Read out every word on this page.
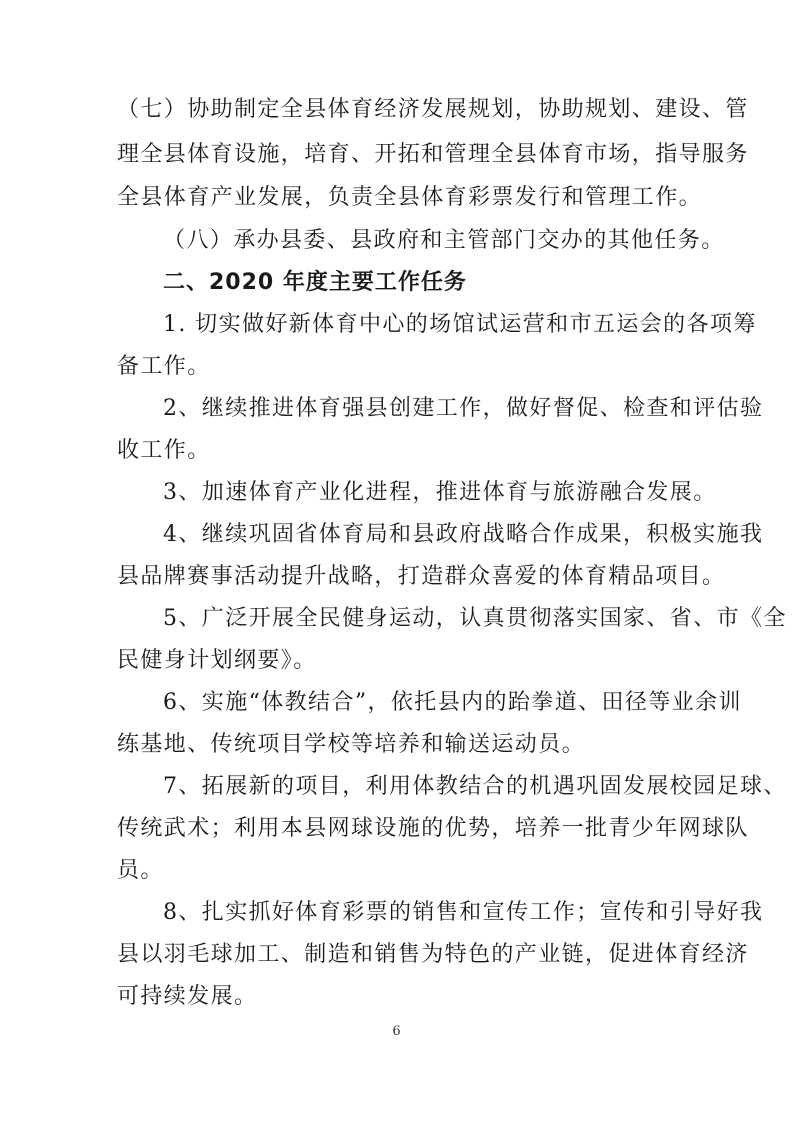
（七）协助制定全县体育经济发展规划，协助规划、建设、管
理全县体育设施，培育、开拓和管理全县体育市场，指导服务
全县体育产业发展，负责全县体育彩票发行和管理工作。
（八）承办县委、县政府和主管部门交办的其他任务。
二、2020 年度主要工作任务
1. 切实做好新体育中心的场馆试运营和市五运会的各项筹
备工作。
2、继续推进体育强县创建工作，做好督促、检查和评估验
收工作。
3、加速体育产业化进程，推进体育与旅游融合发展。
4、继续巩固省体育局和县政府战略合作成果，积极实施我
县品牌赛事活动提升战略，打造群众喜爱的体育精品项目。
5、广泛开展全民健身运动，认真贯彻落实国家、省、市《全
民健身计划纲要》。
6、实施“体教结合”，依托县内的跆拳道、田径等业余训
练基地、传统项目学校等培养和输送运动员。
7、拓展新的项目，利用体教结合的机遇巩固发展校园足球、
传统武术；利用本县网球设施的优势，培养一批青少年网球队
员。
8、扎实抓好体育彩票的销售和宣传工作；宣传和引导好我
县以羽毛球加工、制造和销售为特色的产业链，促进体育经济
可持续发展。
6
